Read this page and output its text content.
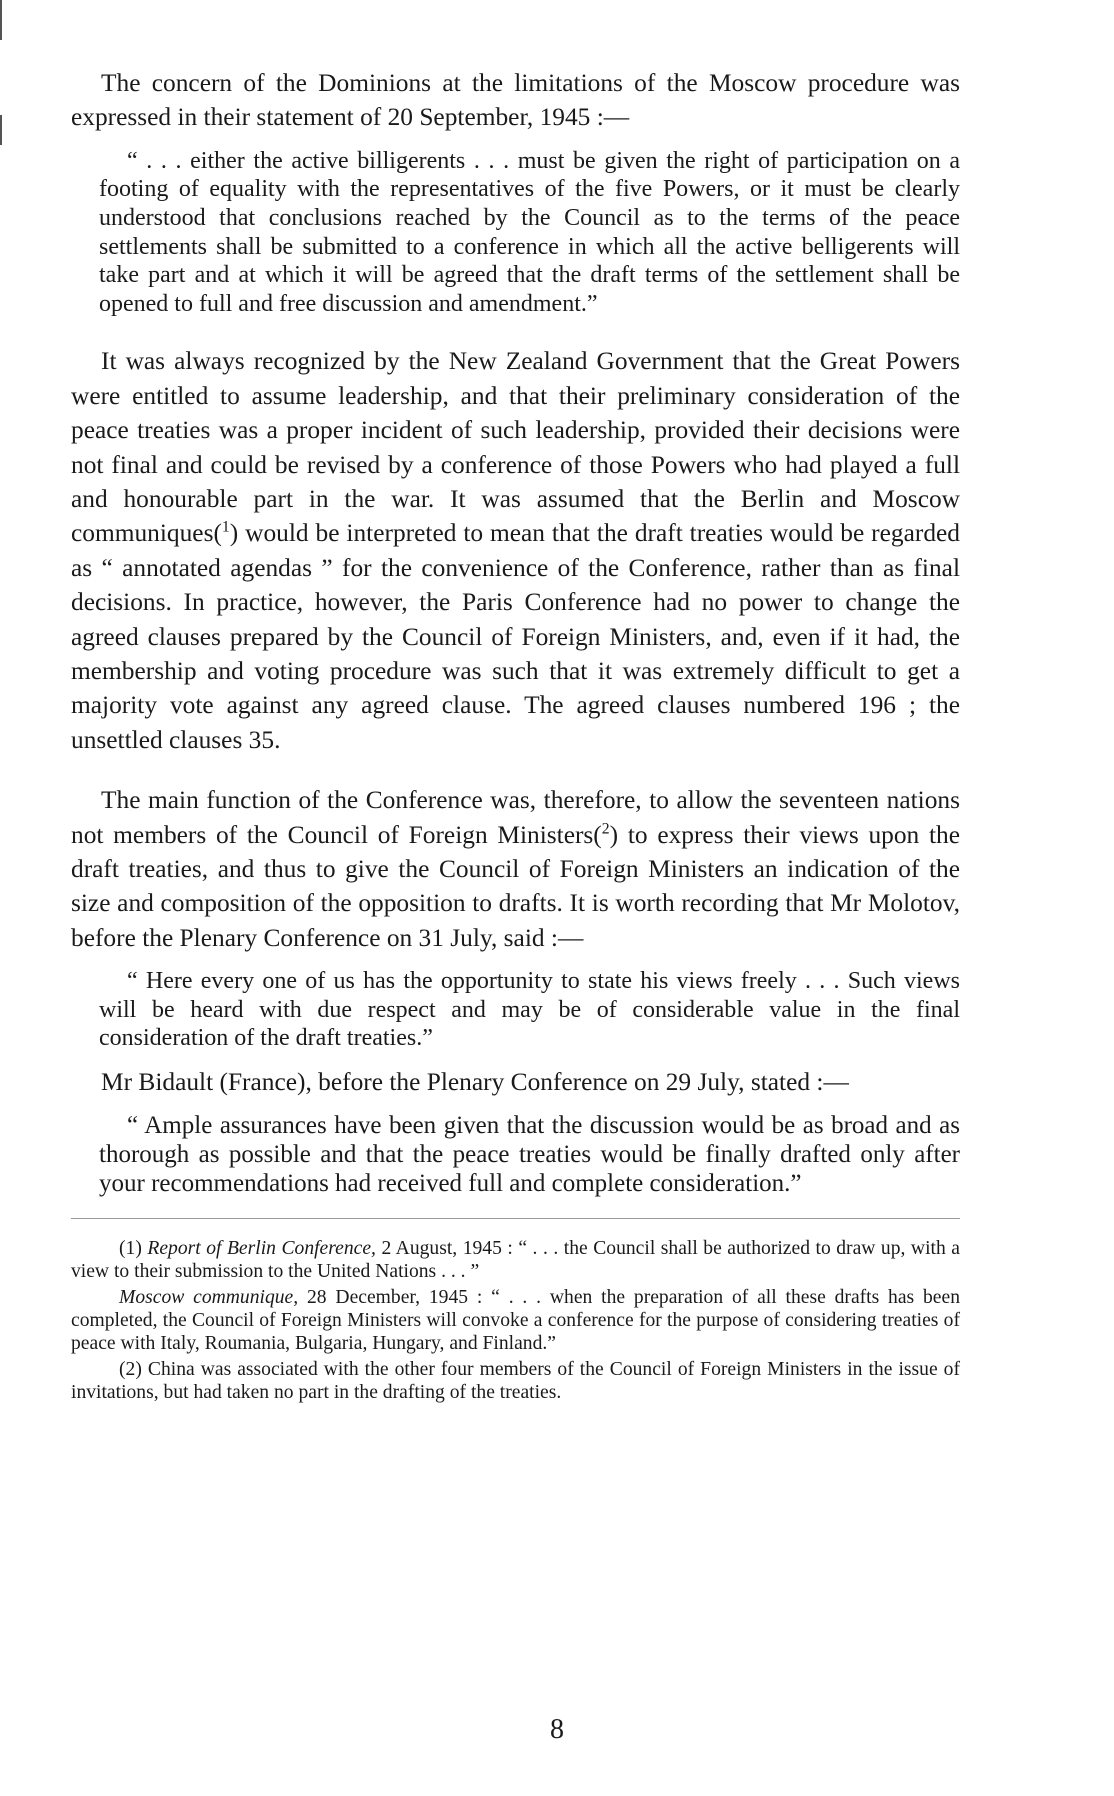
The concern of the Dominions at the limitations of the Moscow procedure was expressed in their statement of 20 September, 1945 :—

“ . . . either the active billigerents . . . must be given the right of participation on a footing of equality with the representatives of the five Powers, or it must be clearly understood that conclusions reached by the Council as to the terms of the peace settlements shall be submitted to a conference in which all the active belligerents will take part and at which it will be agreed that the draft terms of the settlement shall be opened to full and free discussion and amendment.”

It was always recognized by the New Zealand Government that the Great Powers were entitled to assume leadership, and that their preliminary consideration of the peace treaties was a proper incident of such leadership, provided their decisions were not final and could be revised by a conference of those Powers who had played a full and honourable part in the war. It was assumed that the Berlin and Moscow communiques($^1$) would be interpreted to mean that the draft treaties would be regarded as “ annotated agendas ” for the convenience of the Conference, rather than as final decisions. In practice, however, the Paris Conference had no power to change the agreed clauses prepared by the Council of Foreign Ministers, and, even if it had, the membership and voting procedure was such that it was extremely difficult to get a majority vote against any agreed clause. The agreed clauses numbered 196 ; the unsettled clauses 35.

The main function of the Conference was, therefore, to allow the seventeen nations not members of the Council of Foreign Ministers($^2$) to express their views upon the draft treaties, and thus to give the Council of Foreign Ministers an indication of the size and composition of the opposition to drafts. It is worth recording that Mr Molotov, before the Plenary Conference on 31 July, said :—

“ Here every one of us has the opportunity to state his views freely . . . Such views will be heard with due respect and may be of considerable value in the final consideration of the draft treaties.”

Mr Bidault (France), before the Plenary Conference on 29 July, stated :—

“ Ample assurances have been given that the discussion would be as broad and as thorough as possible and that the peace treaties would be finally drafted only after your recommendations had received full and complete consideration.”

(1) Report of Berlin Conference, 2 August, 1945 : “ . . . the Council shall be authorized to draw up, with a view to their submission to the United Nations . . . ”

Moscow communique, 28 December, 1945 : “ . . . when the preparation of all these drafts has been completed, the Council of Foreign Ministers will convoke a conference for the purpose of considering treaties of peace with Italy, Roumania, Bulgaria, Hungary, and Finland.”

(2) China was associated with the other four members of the Council of Foreign Ministers in the issue of invitations, but had taken no part in the drafting of the treaties.

8
